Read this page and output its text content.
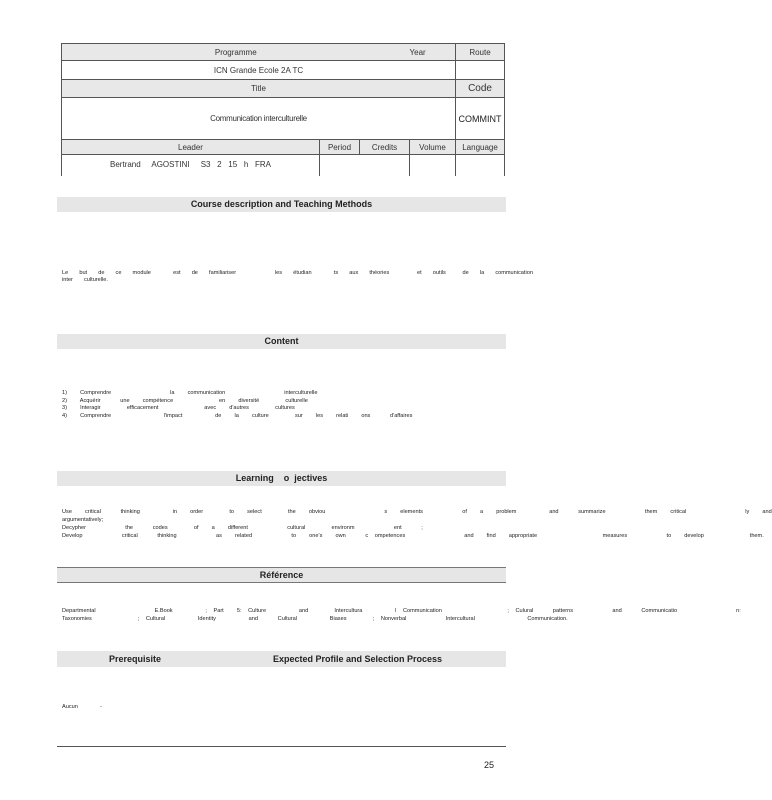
Programme			Year	Route
ICN Grande Ecole 2A TC				
Title				Code
Communication interculturelle				COMMINT
Leader	Period	Credits	Volume	Language
Bertrand     AGOSTINI     S3   2   15   h   FRA				
Course description and Teaching Methods
Le  but  de  ce  module    est  de  familiariser       les  étudian    ts  aux  théories     et  outils   de  la  communication            inter  culturelle.
Content
1)  Comprendre         la  communication         interculturelle
2)  Acquérir   une  compétence       en  diversité    culturelle
3)  Interagir    efficacement       avec  d'autres    cultures
4)  Comprendre        l'impact     de  la  culture    sur  les  relati  ons   d'affaires
Learning    o  jectives
Use  critical   thinking     in  order    to  select    the  obviou         s  elements      of  a  problem     and   summarize      them  critical         ly  and
argumentatively;
Decypher      the   codes    of  a  different      cultural    environm      ent   ;
Develop      critical   thinking      as  related      to  one's  own   c ompetences         and  find  appropriate          measures      to  develop       them.
Référence
Departmental         E.Book     ; Part  5: Culture     and    Intercultura     l Communication          ; Culural   patterns      and   Communicatio         n:
Taxonomies       ; Cultural     Identity     and   Cultural     Biases    ; Nonverbal      Intercultural        Communication.
Prerequisite	Expected Profile and Selection Process
Aucun    -
25
